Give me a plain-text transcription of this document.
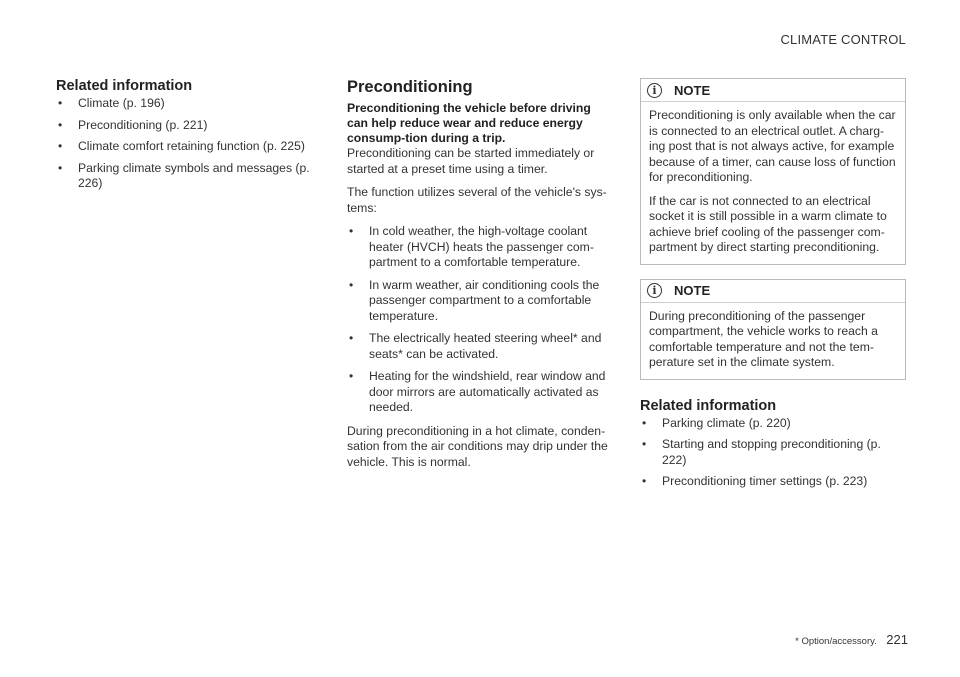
CLIMATE CONTROL
Related information
• Climate (p. 196)
• Preconditioning (p. 221)
• Climate comfort retaining function (p. 225)
• Parking climate symbols and messages (p. 226)
Preconditioning

Preconditioning the vehicle before driving can help reduce wear and reduce energy consump-tion during a trip.

Preconditioning can be started immediately or started at a preset time using a timer.

The function utilizes several of the vehicle's sys-tems:

• In cold weather, the high-voltage coolant heater (HVCH) heats the passenger com-partment to a comfortable temperature.
• In warm weather, air conditioning cools the passenger compartment to a comfortable temperature.
• The electrically heated steering wheel* and seats* can be activated.
• Heating for the windshield, rear window and door mirrors are automatically activated as needed.

During preconditioning in a hot climate, conden-sation from the air conditions may drip under the vehicle. This is normal.

i	NOTE

Preconditioning is only available when the car is connected to an electrical outlet. A charg-ing post that is not always active, for example because of a timer, can cause loss of function for preconditioning.

If the car is not connected to an electrical socket it is still possible in a warm climate to achieve brief cooling of the passenger com-partment by direct starting preconditioning.

i	NOTE

During preconditioning of the passenger compartment, the vehicle works to reach a comfortable temperature and not the tem-perature set in the climate system.

Related information
• Parking climate (p. 220)
• Starting and stopping preconditioning (p. 222)
• Preconditioning timer settings (p. 223)
* Option/accessory. 221
